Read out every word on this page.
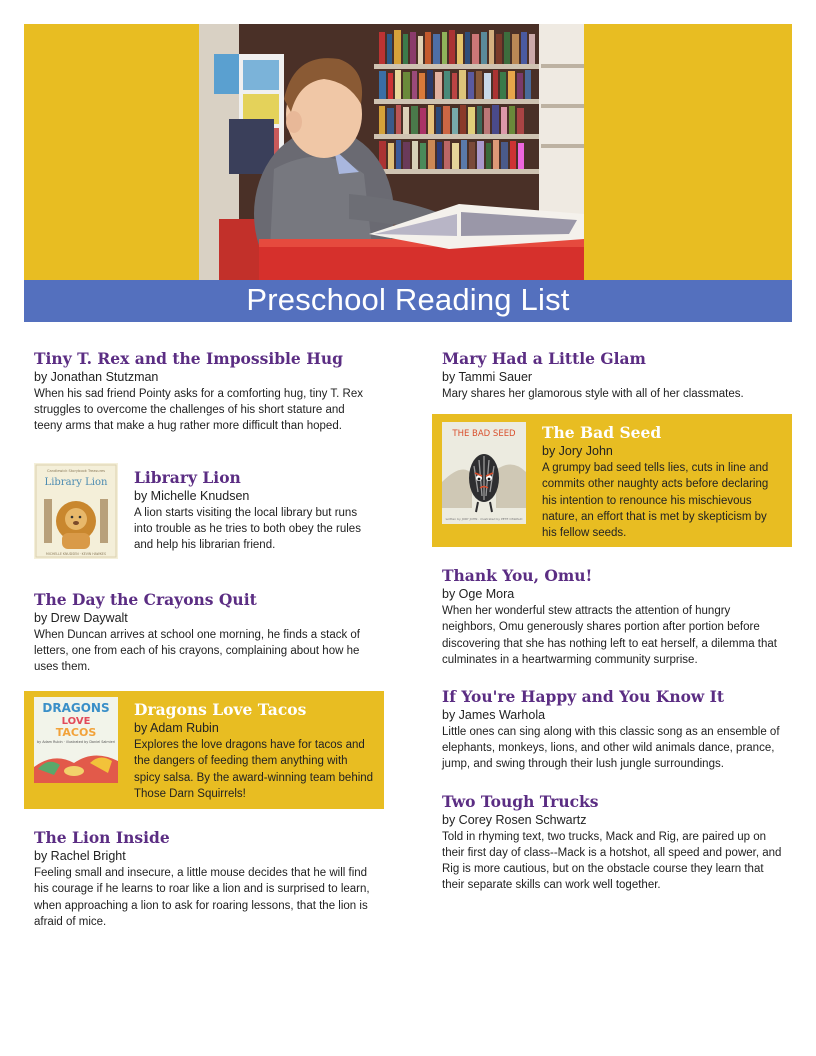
Preschool Reading List

Tiny T. Rex and the Impossible Hug

by Jonathan Stutzman

When his sad friend Pointy asks for a comforting hug, tiny T. Rex struggles to overcome the challenges of his short stature and teeny arms that make a hug rather more difficult than hoped.

Candlewick Storybook Treasures
Library Lion
MICHELLE KNUDSEN · KEVIN HAWKES

Library Lion

by Michelle Knudsen

A lion starts visiting the local library but runs into trouble as he tries to both obey the rules and help his librarian friend.

The Day the Crayons Quit

by Drew Daywalt

When Duncan arrives at school one morning, he finds a stack of letters, one from each of his crayons, complaining about how he uses them.

DRAGONS
LOVE
TACOS
by Adam Rubin · illustrated by Daniel Salmieri

Dragons Love Tacos

by Adam Rubin

Explores the love dragons have for tacos and the dangers of feeding them anything with spicy salsa. By the award-winning team behind Those Darn Squirrels!

The Lion Inside

by Rachel Bright

Feeling small and insecure, a little mouse decides that he will find his courage if he learns to roar like a lion and is surprised to learn, when approaching a lion to ask for roaring lessons, that the lion is afraid of mice.

Mary Had a Little Glam

by Tammi Sauer

Mary shares her glamorous style with all of her classmates.

THE BAD SEED
written by JORY JOHN · illustrated by PETE OSWALD

The Bad Seed

by Jory John

A grumpy bad seed tells lies, cuts in line and commits other naughty acts before declaring his intention to renounce his mischievous nature, an effort that is met by skepticism by his fellow seeds.

Thank You, Omu!

by Oge Mora

When her wonderful stew attracts the attention of hungry neighbors, Omu generously shares portion after portion before discovering that she has nothing left to eat herself, a dilemma that culminates in a heartwarming community surprise.

If You're Happy and You Know It

by James Warhola

Little ones can sing along with this classic song as an ensemble of elephants, monkeys, lions, and other wild animals dance, prance, jump, and swing through their lush jungle surroundings.

Two Tough Trucks

by Corey Rosen Schwartz

Told in rhyming text, two trucks, Mack and Rig, are paired up on their first day of class--Mack is a hotshot, all speed and power, and Rig is more cautious, but on the obstacle course they learn that their separate skills can work well together.
